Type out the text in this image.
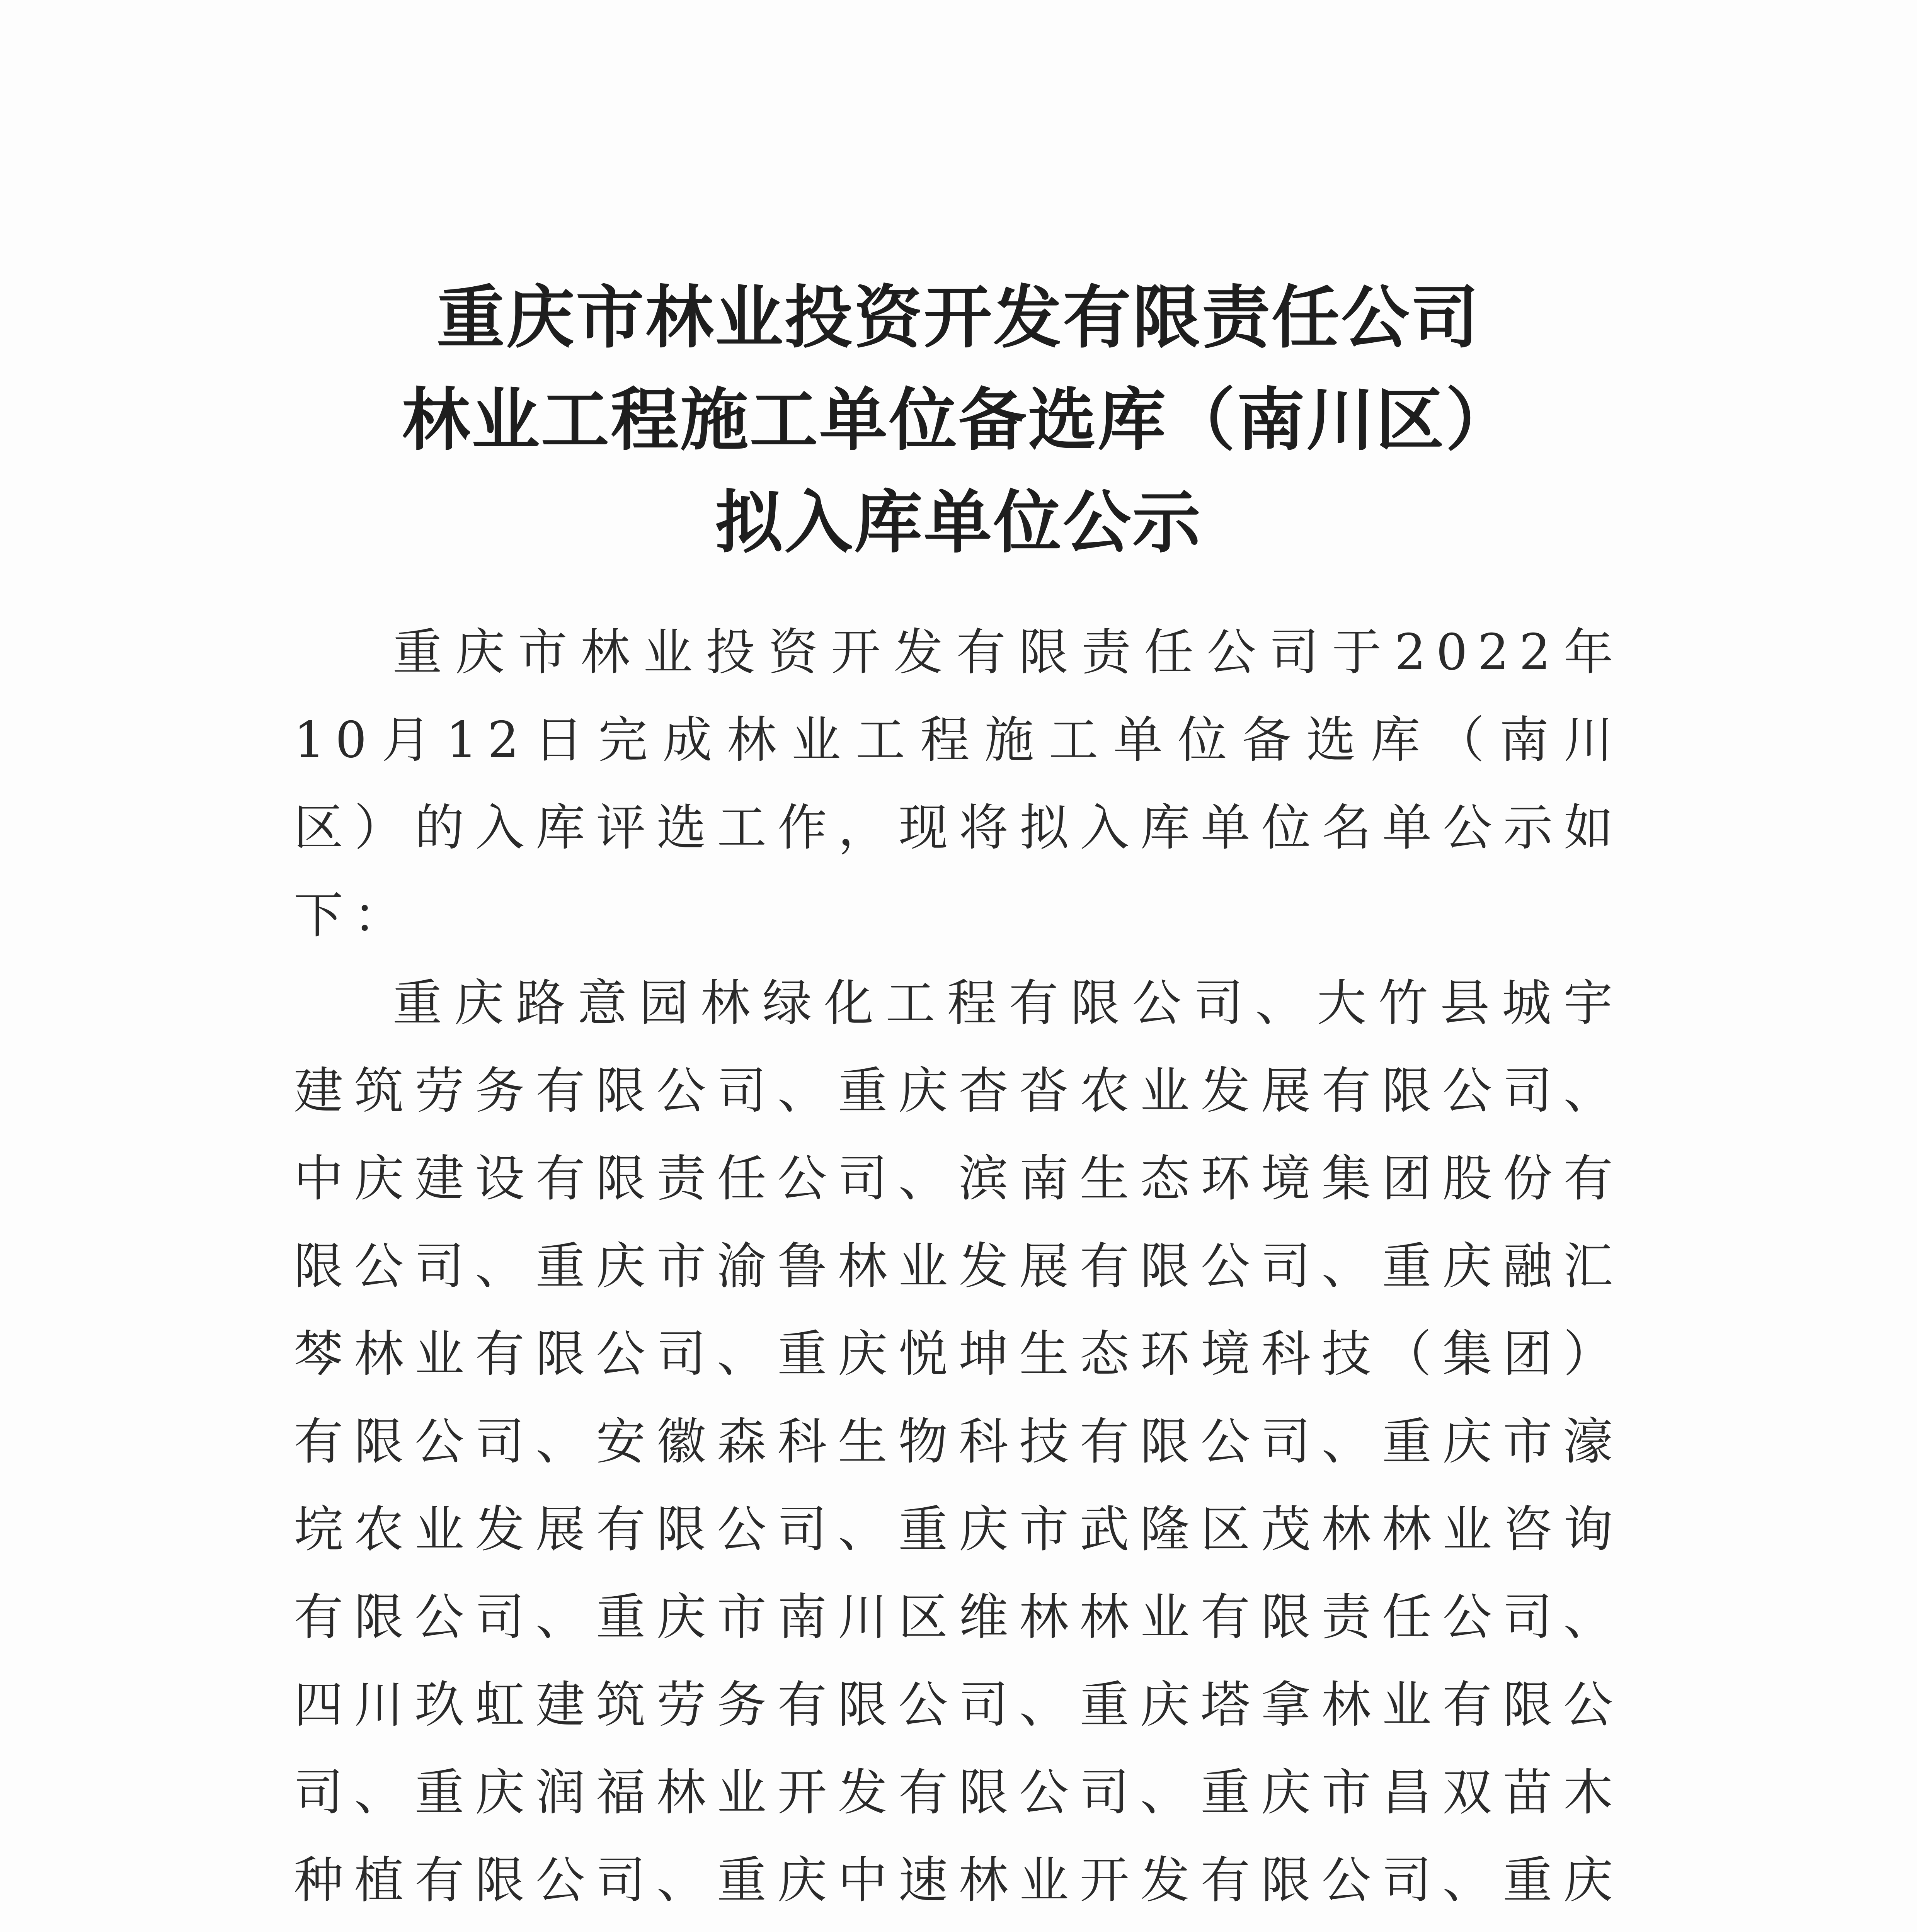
重庆市林业投资开发有限责任公司
林业工程施工单位备选库（南川区）
拟入库单位公示

重庆市林业投资开发有限责任公司于2022年10月12日完成林业工程施工单位备选库（南川区）的入库评选工作，现将拟入库单位名单公示如下：

重庆路意园林绿化工程有限公司、大竹县城宇建筑劳务有限公司、重庆杳沓农业发展有限公司、中庆建设有限责任公司、滨南生态环境集团股份有限公司、重庆市渝鲁林业发展有限公司、重庆融汇棽林业有限公司、重庆悦坤生态环境科技（集团）有限公司、安徽森科生物科技有限公司、重庆市濠垸农业发展有限公司、重庆市武隆区茂林林业咨询有限公司、重庆市南川区维林林业有限责任公司、四川玖虹建筑劳务有限公司、重庆塔拿林业有限公司、重庆润福林业开发有限公司、重庆市昌双苗木种植有限公司、重庆中速林业开发有限公司、重庆
